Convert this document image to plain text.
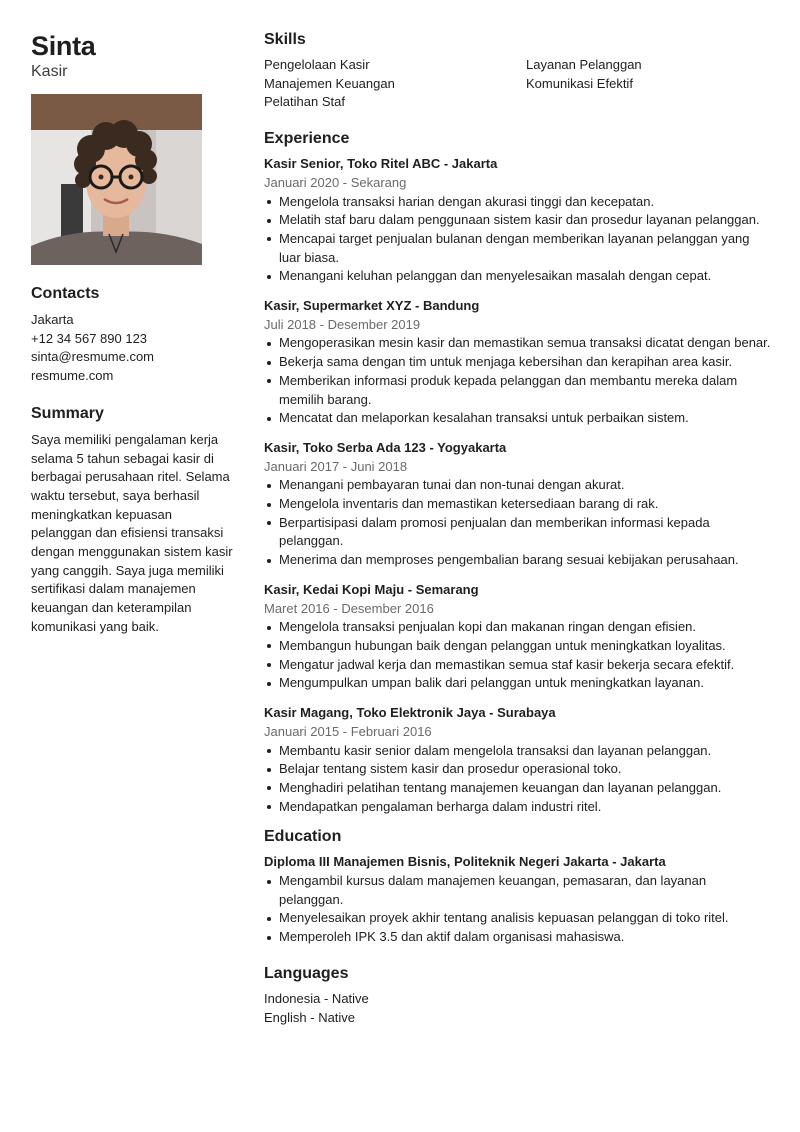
Sinta
Kasir
Contacts
Jakarta
+12 34 567 890 123
sinta@resmume.com
resmume.com
Summary
Saya memiliki pengalaman kerja selama 5 tahun sebagai kasir di berbagai perusahaan ritel. Selama waktu tersebut, saya berhasil meningkatkan kepuasan pelanggan dan efisiensi transaksi dengan menggunakan sistem kasir yang canggih. Saya juga memiliki sertifikasi dalam manajemen keuangan dan keterampilan komunikasi yang baik.
Skills
Pengelolaan Kasir
Manajemen Keuangan
Pelatihan Staf
Layanan Pelanggan
Komunikasi Efektif
Experience
Kasir Senior, Toko Ritel ABC - Jakarta
Januari 2020 - Sekarang
Mengelola transaksi harian dengan akurasi tinggi dan kecepatan.
Melatih staf baru dalam penggunaan sistem kasir dan prosedur layanan pelanggan.
Mencapai target penjualan bulanan dengan memberikan layanan pelanggan yang luar biasa.
Menangani keluhan pelanggan dan menyelesaikan masalah dengan cepat.
Kasir, Supermarket XYZ - Bandung
Juli 2018 - Desember 2019
Mengoperasikan mesin kasir dan memastikan semua transaksi dicatat dengan benar.
Bekerja sama dengan tim untuk menjaga kebersihan dan kerapihan area kasir.
Memberikan informasi produk kepada pelanggan dan membantu mereka dalam memilih barang.
Mencatat dan melaporkan kesalahan transaksi untuk perbaikan sistem.
Kasir, Toko Serba Ada 123 - Yogyakarta
Januari 2017 - Juni 2018
Menangani pembayaran tunai dan non-tunai dengan akurat.
Mengelola inventaris dan memastikan ketersediaan barang di rak.
Berpartisipasi dalam promosi penjualan dan memberikan informasi kepada pelanggan.
Menerima dan memproses pengembalian barang sesuai kebijakan perusahaan.
Kasir, Kedai Kopi Maju - Semarang
Maret 2016 - Desember 2016
Mengelola transaksi penjualan kopi dan makanan ringan dengan efisien.
Membangun hubungan baik dengan pelanggan untuk meningkatkan loyalitas.
Mengatur jadwal kerja dan memastikan semua staf kasir bekerja secara efektif.
Mengumpulkan umpan balik dari pelanggan untuk meningkatkan layanan.
Kasir Magang, Toko Elektronik Jaya - Surabaya
Januari 2015 - Februari 2016
Membantu kasir senior dalam mengelola transaksi dan layanan pelanggan.
Belajar tentang sistem kasir dan prosedur operasional toko.
Menghadiri pelatihan tentang manajemen keuangan dan layanan pelanggan.
Mendapatkan pengalaman berharga dalam industri ritel.
Education
Diploma III Manajemen Bisnis, Politeknik Negeri Jakarta - Jakarta
Mengambil kursus dalam manajemen keuangan, pemasaran, dan layanan pelanggan.
Menyelesaikan proyek akhir tentang analisis kepuasan pelanggan di toko ritel.
Memperoleh IPK 3.5 dan aktif dalam organisasi mahasiswa.
Languages
Indonesia - Native
English - Native
